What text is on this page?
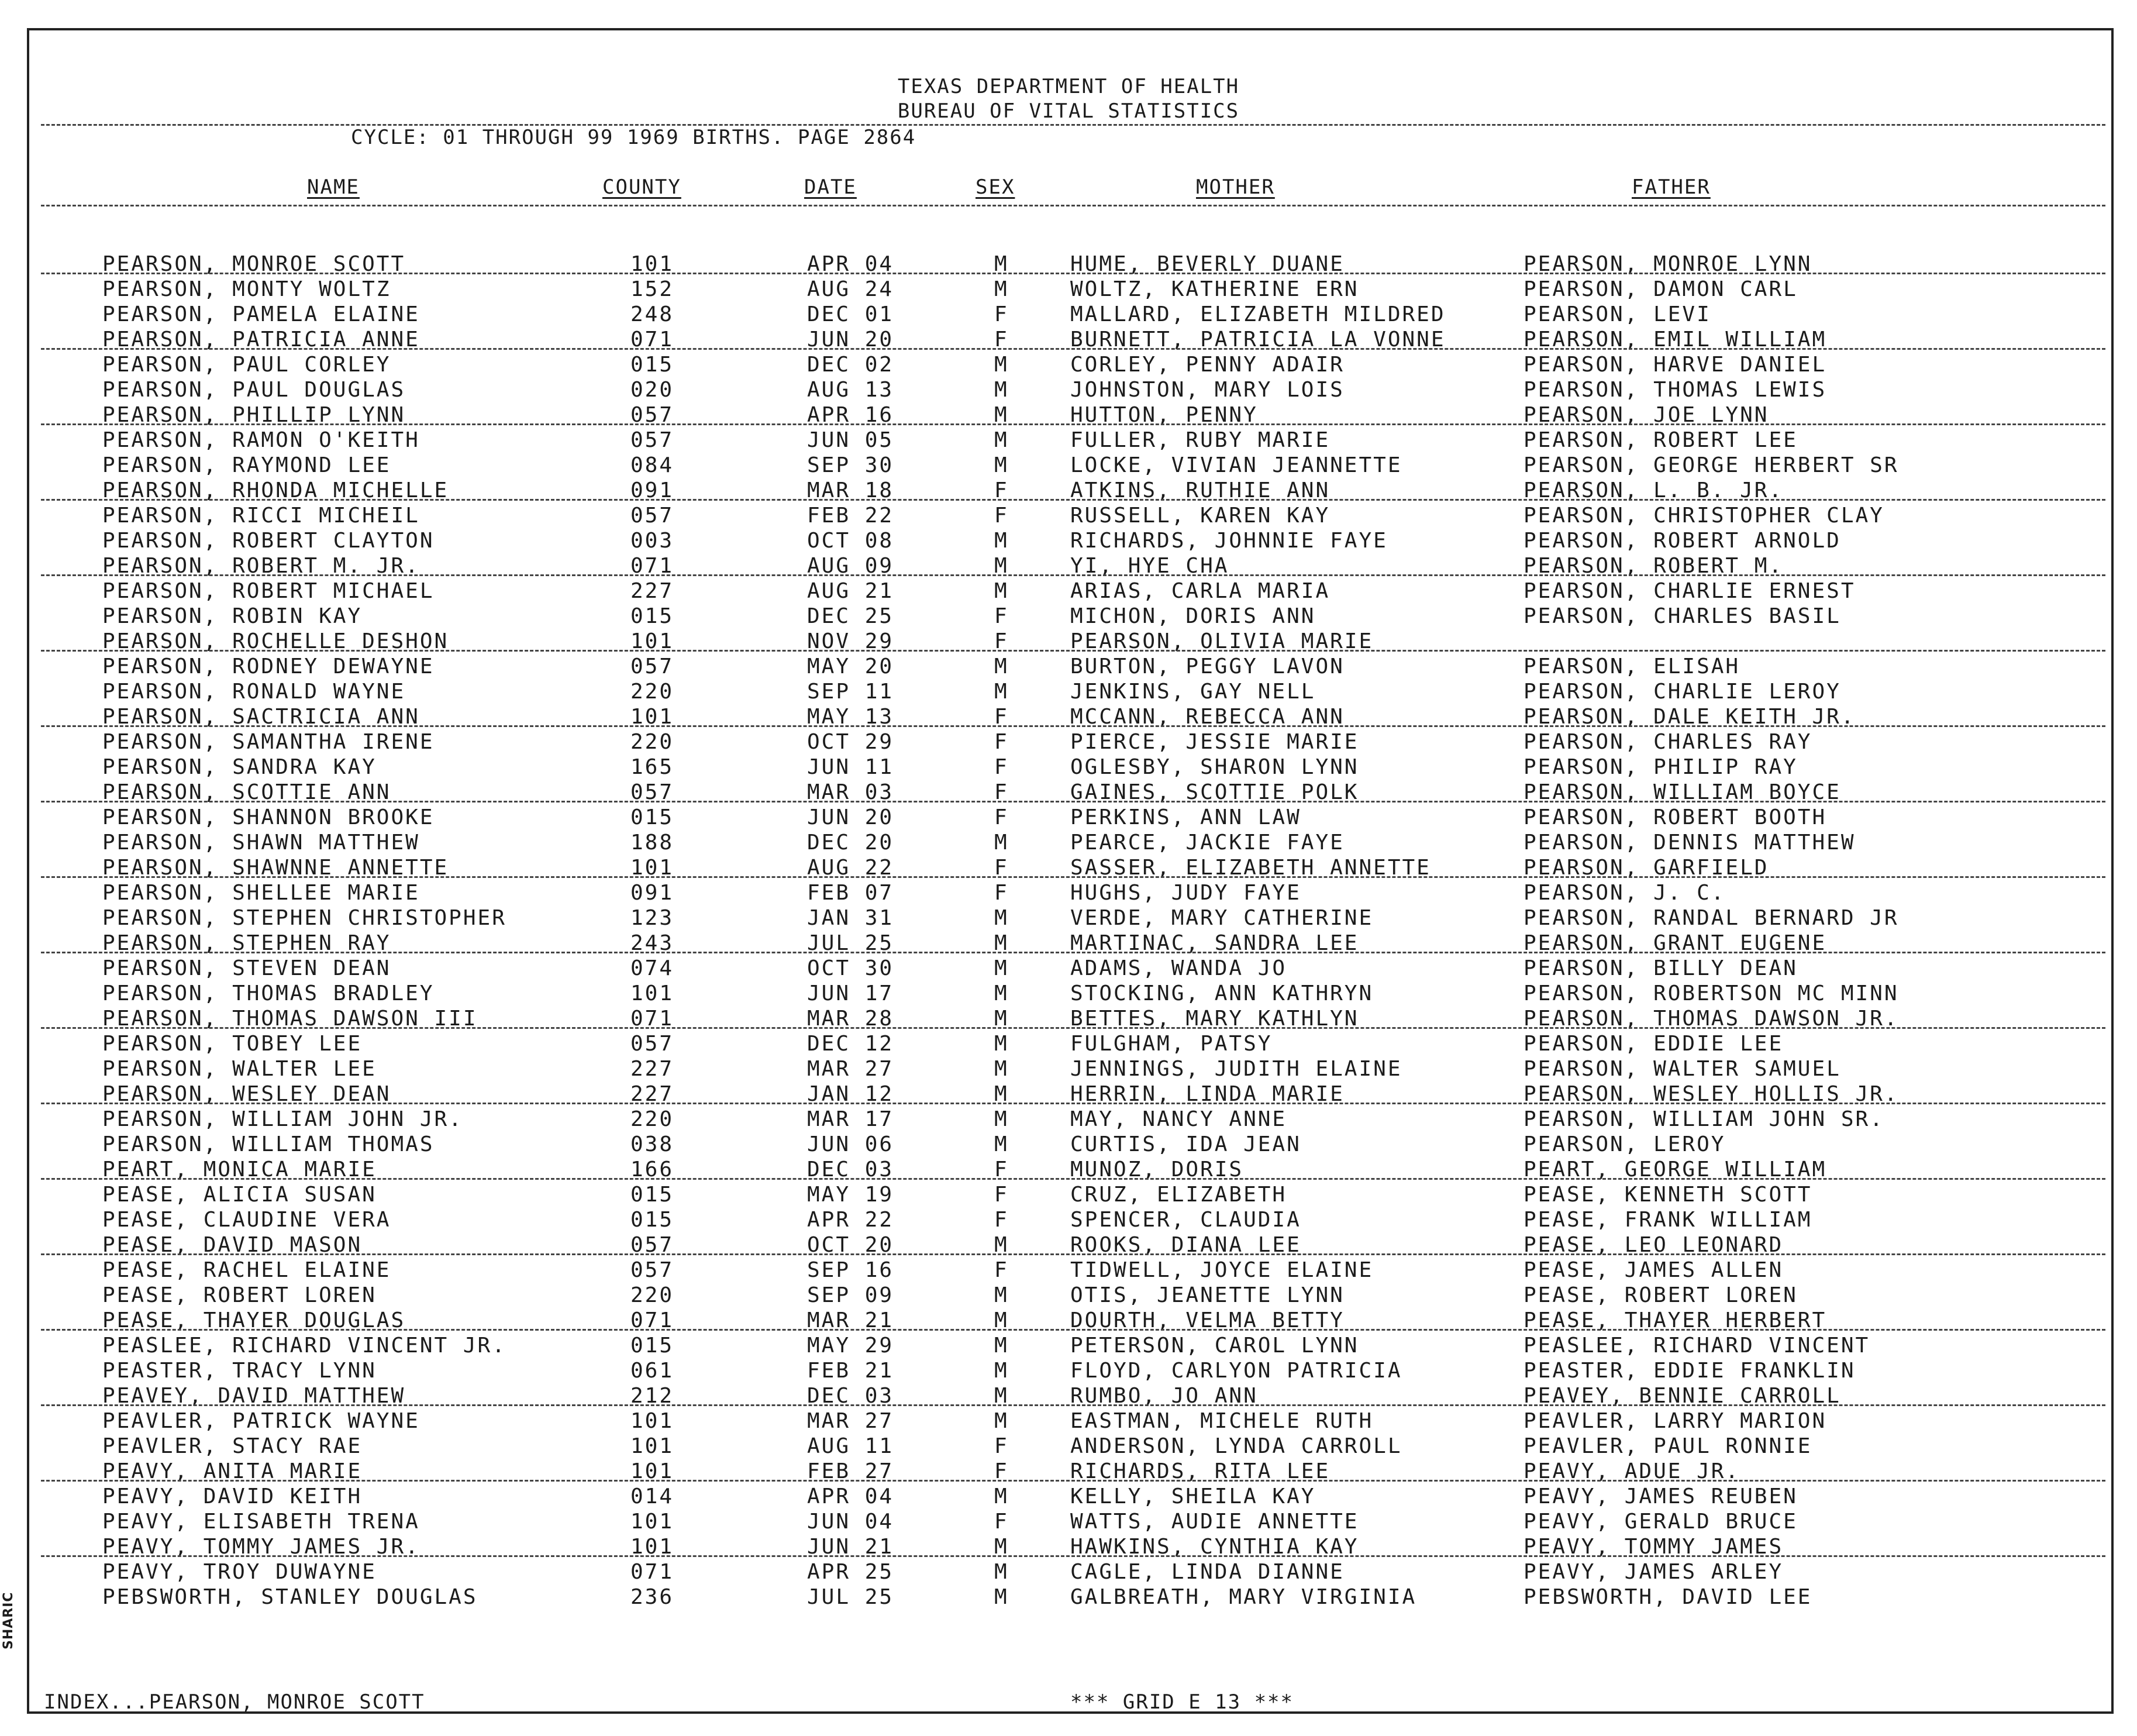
TEXAS DEPARTMENT OF HEALTH
BUREAU OF VITAL STATISTICS
CYCLE: 01 THROUGH 99 1969 BIRTHS. PAGE 2864
NAME	COUNTY	DATE	SEX	MOTHER	FATHER
PEARSON, MONROE SCOTT	101	APR 04	M	HUME, BEVERLY DUANE	PEARSON, MONROE LYNN
PEARSON, MONTY WOLTZ	152	AUG 24	M	WOLTZ, KATHERINE ERN	PEARSON, DAMON CARL
PEARSON, PAMELA ELAINE	248	DEC 01	F	MALLARD, ELIZABETH MILDRED	PEARSON, LEVI
PEARSON, PATRICIA ANNE	071	JUN 20	F	BURNETT, PATRICIA LA VONNE	PEARSON, EMIL WILLIAM
PEARSON, PAUL CORLEY	015	DEC 02	M	CORLEY, PENNY ADAIR	PEARSON, HARVE DANIEL
PEARSON, PAUL DOUGLAS	020	AUG 13	M	JOHNSTON, MARY LOIS	PEARSON, THOMAS LEWIS
PEARSON, PHILLIP LYNN	057	APR 16	M	HUTTON, PENNY	PEARSON, JOE LYNN
PEARSON, RAMON O'KEITH	057	JUN 05	M	FULLER, RUBY MARIE	PEARSON, ROBERT LEE
PEARSON, RAYMOND LEE	084	SEP 30	M	LOCKE, VIVIAN JEANNETTE	PEARSON, GEORGE HERBERT SR
PEARSON, RHONDA MICHELLE	091	MAR 18	F	ATKINS, RUTHIE ANN	PEARSON, L. B. JR.
PEARSON, RICCI MICHEIL	057	FEB 22	F	RUSSELL, KAREN KAY	PEARSON, CHRISTOPHER CLAY
PEARSON, ROBERT CLAYTON	003	OCT 08	M	RICHARDS, JOHNNIE FAYE	PEARSON, ROBERT ARNOLD
PEARSON, ROBERT M. JR.	071	AUG 09	M	YI, HYE CHA	PEARSON, ROBERT M.
PEARSON, ROBERT MICHAEL	227	AUG 21	M	ARIAS, CARLA MARIA	PEARSON, CHARLIE ERNEST
PEARSON, ROBIN KAY	015	DEC 25	F	MICHON, DORIS ANN	PEARSON, CHARLES BASIL
PEARSON, ROCHELLE DESHON	101	NOV 29	F	PEARSON, OLIVIA MARIE
PEARSON, RODNEY DEWAYNE	057	MAY 20	M	BURTON, PEGGY LAVON	PEARSON, ELISAH
PEARSON, RONALD WAYNE	220	SEP 11	M	JENKINS, GAY NELL	PEARSON, CHARLIE LEROY
PEARSON, SACTRICIA ANN	101	MAY 13	F	MCCANN, REBECCA ANN	PEARSON, DALE KEITH JR.
PEARSON, SAMANTHA IRENE	220	OCT 29	F	PIERCE, JESSIE MARIE	PEARSON, CHARLES RAY
PEARSON, SANDRA KAY	165	JUN 11	F	OGLESBY, SHARON LYNN	PEARSON, PHILIP RAY
PEARSON, SCOTTIE ANN	057	MAR 03	F	GAINES, SCOTTIE POLK	PEARSON, WILLIAM BOYCE
PEARSON, SHANNON BROOKE	015	JUN 20	F	PERKINS, ANN LAW	PEARSON, ROBERT BOOTH
PEARSON, SHAWN MATTHEW	188	DEC 20	M	PEARCE, JACKIE FAYE	PEARSON, DENNIS MATTHEW
PEARSON, SHAWNNE ANNETTE	101	AUG 22	F	SASSER, ELIZABETH ANNETTE	PEARSON, GARFIELD
PEARSON, SHELLEE MARIE	091	FEB 07	F	HUGHS, JUDY FAYE	PEARSON, J. C.
PEARSON, STEPHEN CHRISTOPHER	123	JAN 31	M	VERDE, MARY CATHERINE	PEARSON, RANDAL BERNARD JR
PEARSON, STEPHEN RAY	243	JUL 25	M	MARTINAC, SANDRA LEE	PEARSON, GRANT EUGENE
PEARSON, STEVEN DEAN	074	OCT 30	M	ADAMS, WANDA JO	PEARSON, BILLY DEAN
PEARSON, THOMAS BRADLEY	101	JUN 17	M	STOCKING, ANN KATHRYN	PEARSON, ROBERTSON MC MINN
PEARSON, THOMAS DAWSON III	071	MAR 28	M	BETTES, MARY KATHLYN	PEARSON, THOMAS DAWSON JR.
PEARSON, TOBEY LEE	057	DEC 12	M	FULGHAM, PATSY	PEARSON, EDDIE LEE
PEARSON, WALTER LEE	227	MAR 27	M	JENNINGS, JUDITH ELAINE	PEARSON, WALTER SAMUEL
PEARSON, WESLEY DEAN	227	JAN 12	M	HERRIN, LINDA MARIE	PEARSON, WESLEY HOLLIS JR.
PEARSON, WILLIAM JOHN JR.	220	MAR 17	M	MAY, NANCY ANNE	PEARSON, WILLIAM JOHN SR.
PEARSON, WILLIAM THOMAS	038	JUN 06	M	CURTIS, IDA JEAN	PEARSON, LEROY
PEART, MONICA MARIE	166	DEC 03	F	MUNOZ, DORIS	PEART, GEORGE WILLIAM
PEASE, ALICIA SUSAN	015	MAY 19	F	CRUZ, ELIZABETH	PEASE, KENNETH SCOTT
PEASE, CLAUDINE VERA	015	APR 22	F	SPENCER, CLAUDIA	PEASE, FRANK WILLIAM
PEASE, DAVID MASON	057	OCT 20	M	ROOKS, DIANA LEE	PEASE, LEO LEONARD
PEASE, RACHEL ELAINE	057	SEP 16	F	TIDWELL, JOYCE ELAINE	PEASE, JAMES ALLEN
PEASE, ROBERT LOREN	220	SEP 09	M	OTIS, JEANETTE LYNN	PEASE, ROBERT LOREN
PEASE, THAYER DOUGLAS	071	MAR 21	M	DOURTH, VELMA BETTY	PEASE, THAYER HERBERT
PEASLEE, RICHARD VINCENT JR.	015	MAY 29	M	PETERSON, CAROL LYNN	PEASLEE, RICHARD VINCENT
PEASTER, TRACY LYNN	061	FEB 21	M	FLOYD, CARLYON PATRICIA	PEASTER, EDDIE FRANKLIN
PEAVEY, DAVID MATTHEW	212	DEC 03	M	RUMBO, JO ANN	PEAVEY, BENNIE CARROLL
PEAVLER, PATRICK WAYNE	101	MAR 27	M	EASTMAN, MICHELE RUTH	PEAVLER, LARRY MARION
PEAVLER, STACY RAE	101	AUG 11	F	ANDERSON, LYNDA CARROLL	PEAVLER, PAUL RONNIE
PEAVY, ANITA MARIE	101	FEB 27	F	RICHARDS, RITA LEE	PEAVY, ADUE JR.
PEAVY, DAVID KEITH	014	APR 04	M	KELLY, SHEILA KAY	PEAVY, JAMES REUBEN
PEAVY, ELISABETH TRENA	101	JUN 04	F	WATTS, AUDIE ANNETTE	PEAVY, GERALD BRUCE
PEAVY, TOMMY JAMES JR.	101	JUN 21	M	HAWKINS, CYNTHIA KAY	PEAVY, TOMMY JAMES
PEAVY, TROY DUWAYNE	071	APR 25	M	CAGLE, LINDA DIANNE	PEAVY, JAMES ARLEY
PEBSWORTH, STANLEY DOUGLAS	236	JUL 25	M	GALBREATH, MARY VIRGINIA	PEBSWORTH, DAVID LEE
INDEX...PEARSON, MONROE SCOTT	*** GRID E 13 ***
SHARIC
